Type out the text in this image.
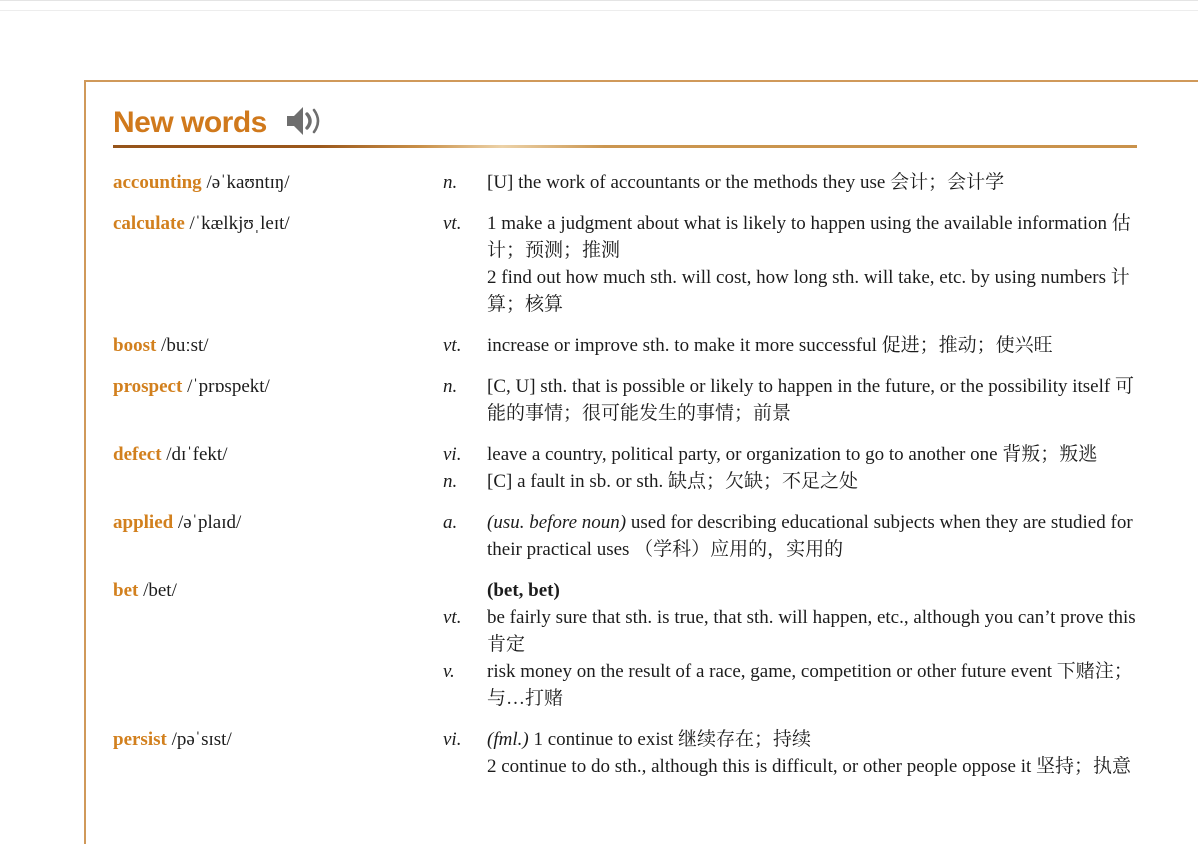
New words
accounting /əˈkaʊntɪŋ/	n.	[U] the work of accountants or the methods they use 会计；会计学
calculate /ˈkælkjʊˌleɪt/	vt.	1 make a judgment about what is likely to happen using the available information 估计；预测；推测
2 find out how much sth. will cost, how long sth. will take, etc. by using numbers 计算；核算
boost /buːst/	vt.	increase or improve sth. to make it more successful 促进；推动；使兴旺
prospect /ˈprɒspekt/	n.	[C, U] sth. that is possible or likely to happen in the future, or the possibility itself 可能的事情；很可能发生的事情；前景
defect /dɪˈfekt/	vi.	leave a country, political party, or organization to go to another one 背叛；叛逃
n.	[C] a fault in sb. or sth. 缺点；欠缺；不足之处
applied /əˈplaɪd/	a.	(usu. before noun) used for describing educational subjects when they are studied for their practical uses （学科）应用的，实用的
bet /bet/	(bet, bet)
vt.	be fairly sure that sth. is true, that sth. will happen, etc., although you can’t prove this 肯定
v.	risk money on the result of a race, game, competition or other future event 下赌注；与…打赌
persist /pəˈsɪst/	vi.	(fml.) 1 continue to exist 继续存在；持续
2 continue to do sth., although this is difficult, or other people oppose it 坚持；执意
